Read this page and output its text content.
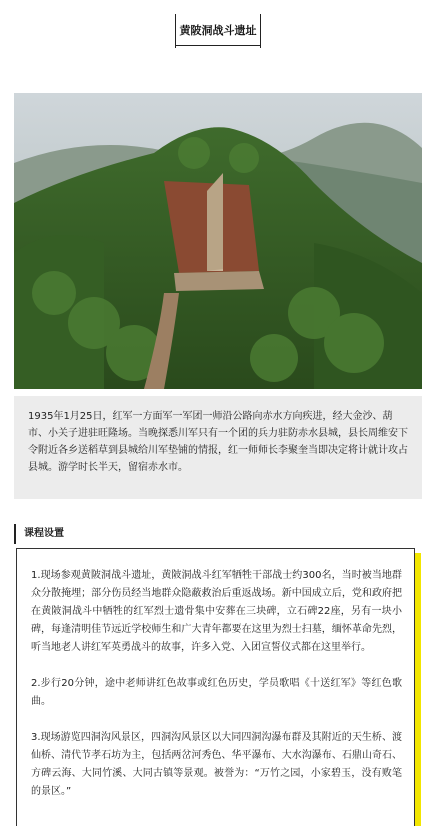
黄陂洞战斗遗址
1935年1月25日，红军一方面军一军团一师沿公路向赤水方向疾进，经大金沙、葫市、小关子进驻旺隆场。当晚探悉川军只有一个团的兵力驻防赤水县城，县长周维安下令附近各乡送稻草到县城给川军垫铺的情报，红一师师长李聚奎当即决定将计就计攻占县城。游学时长半天，留宿赤水市。
课程设置

1.现场参观黄陂洞战斗遗址，黄陂洞战斗红军牺牲干部战士约300名，当时被当地群众分散掩埋；部分伤员经当地群众隐蔽救治后重返战场。新中国成立后，党和政府把在黄陂洞战斗中牺牲的红军烈士遗骨集中安葬在三块碑，立石碑22座，另有一块小碑，每逢清明佳节远近学校师生和广大青年都要在这里为烈士扫墓，缅怀革命先烈，听当地老人讲红军英勇战斗的故事，许多入党、入团宣誓仪式都在这里举行。

2.步行20分钟，途中老师讲红色故事或红色历史，学员歌唱《十送红军》等红色歌曲。

3.现场游览四洞沟风景区，四洞沟风景区以大同四洞沟瀑布群及其附近的天生桥、渡仙桥、清代节孝石坊为主，包括两岔河秀色、华平瀑布、大水沟瀑布、石鼎山奇石、方碑云海、大同竹溪、大同古镇等景观。被誉为：“万竹之园，小家碧玉，没有败笔的景区。”
